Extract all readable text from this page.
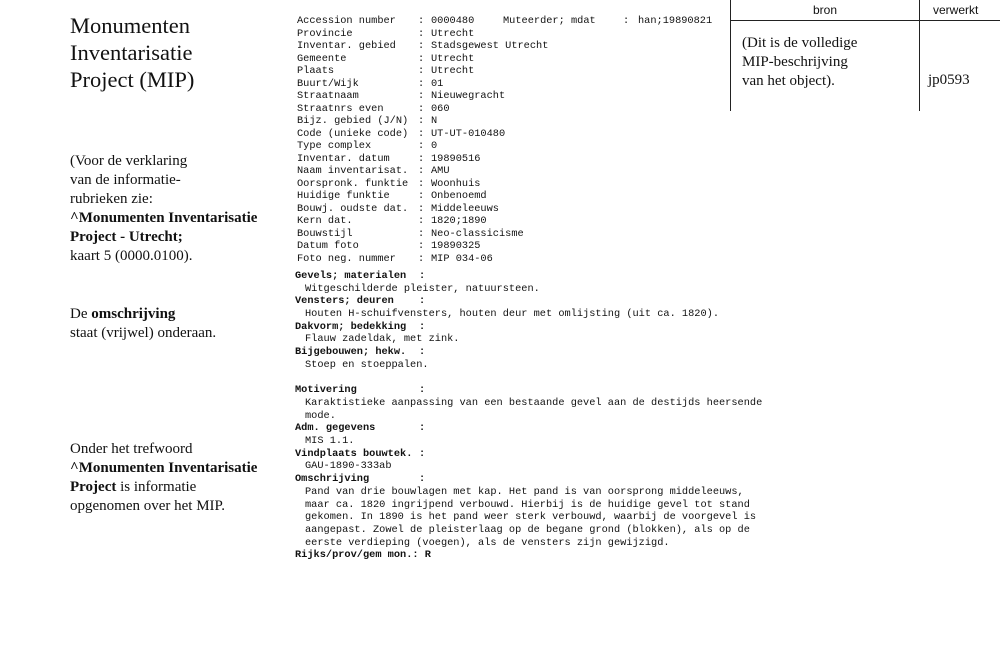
Monumenten
Inventarisatie
Project (MIP)
(Voor de verklaring
van de informatie-
rubrieken zie:
^Monumenten Inventarisatie
Project - Utrecht;
kaart 5 (0000.0100).
De omschrijving
staat (vrijwel) onderaan.
Onder het trefwoord
^Monumenten Inventarisatie
Project is informatie
opgenomen over het MIP.
bron	verwerkt
(Dit is de volledige
MIP-beschrijving
van het object).	jp0593
Accession number : 0000480	Muteerder; mdat	: han;19890821
Provincie	: Utrecht
Inventar. gebied : Stadsgewest Utrecht
Gemeente	: Utrecht
Plaats	: Utrecht
Buurt/Wijk	: 01
Straatnaam	: Nieuwegracht
Straatnrs even	: 060
Bijz. gebied (J/N) : N
Code (unieke code) : UT-UT-010480
Type complex	: 0
Inventar. datum	: 19890516
Naam inventarisat. : AMU
Oorspronk. funktie : Woonhuis
Huidige funktie	: Onbenoemd
Bouwj. oudste dat. : Middeleeuws
Kern dat.	: 1820;1890
Bouwstijl	: Neo-classicisme
Datum foto	: 19890325
Foto neg. nummer : MIP 034-06
Gevels; materialen :
Witgeschilderde pleister, natuursteen.
Vensters; deuren :
Houten H-schuifvensters, houten deur met omlijsting (uit ca. 1820).
Dakvorm; bedekking :
Flauw zadeldak, met zink.
Bijgebouwen; hekw. :
Stoep en stoeppalen.
Motivering	:
Karaktistieke aanpassing van een bestaande gevel aan de destijds heersende
mode.
Adm. gegevens	:
MIS 1.1.
Vindplaats bouwtek. :
GAU-1890-333ab
Omschrijving	:
Pand van drie bouwlagen met kap. Het pand is van oorsprong middeleeuws,
maar ca. 1820 ingrijpend verbouwd. Hierbij is de huidige gevel tot stand
gekomen. In 1890 is het pand weer sterk verbouwd, waarbij de voorgevel is
aangepast. Zowel de pleisterlaag op de begane grond (blokken), als op de
eerste verdieping (voegen), als de vensters zijn gewijzigd.
Rijks/prov/gem mon.: R
